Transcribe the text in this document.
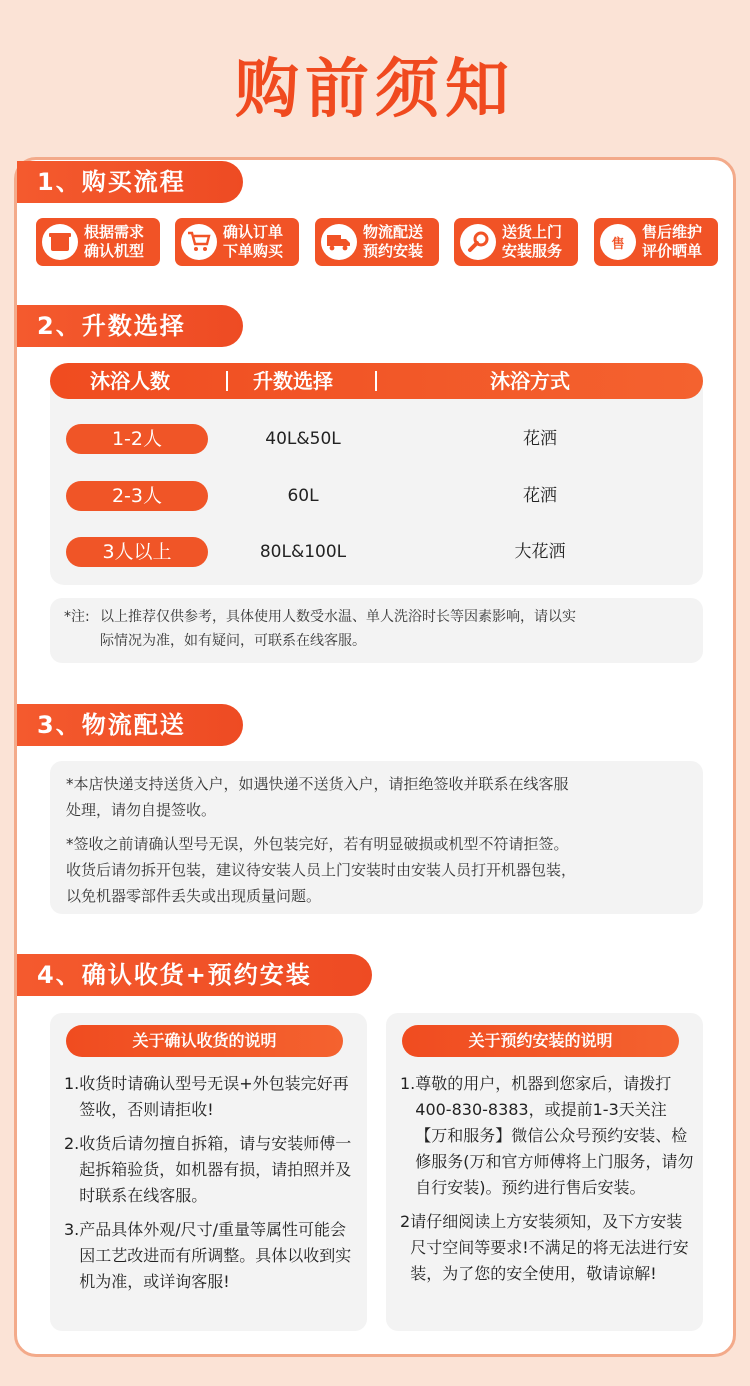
购前须知
1、购买流程
根据需求
确认机型
确认订单
下单购买
物流配送
预约安装
送货上门
安装服务	售
售后维护
评价晒单
2、升数选择
沐浴人数	升数选择	沐浴方式
1-2人	40L&50L	花洒
2-3人	60L	花洒
3人以上	80L&100L	大花洒
*注: 以上推荐仅供参考，具体使用人数受水温、单人洗浴时长等因素影响，请以实
际情况为准，如有疑问，可联系在线客服。
3、物流配送

*本店快递支持送货入户，如遇快递不送货入户，请拒绝签收并联系在线客服
处理，请勿自提签收。

*签收之前请确认型号无误，外包装完好，若有明显破损或机型不符请拒签。
收货后请勿拆开包装，建议待安装人员上门安装时由安装人员打开机器包装，
以免机器零部件丢失或出现质量问题。

4、确认收货+预约安装
关于确认收货的说明
1. 收货时请确认型号无误+外包装完好再签收，否则请拒收!
2. 收货后请勿擅自拆箱，请与安装师傅一起拆箱验货，如机器有损，请拍照并及时联系在线客服。
3. 产品具体外观/尺寸/重量等属性可能会因工艺改进而有所调整。具体以收到实机为准，或详询客服!
关于预约安装的说明
1. 尊敬的用户，机器到您家后，请拨打400-830-8383，或提前1-3天关注【万和服务】微信公众号预约安装、检修服务(万和官方师傅将上门服务，请勿自行安装)。预约进行售后安装。
2 请仔细阅读上方安装须知，及下方安装尺寸空间等要求!不满足的将无法进行安装，为了您的安全使用，敬请谅解!
